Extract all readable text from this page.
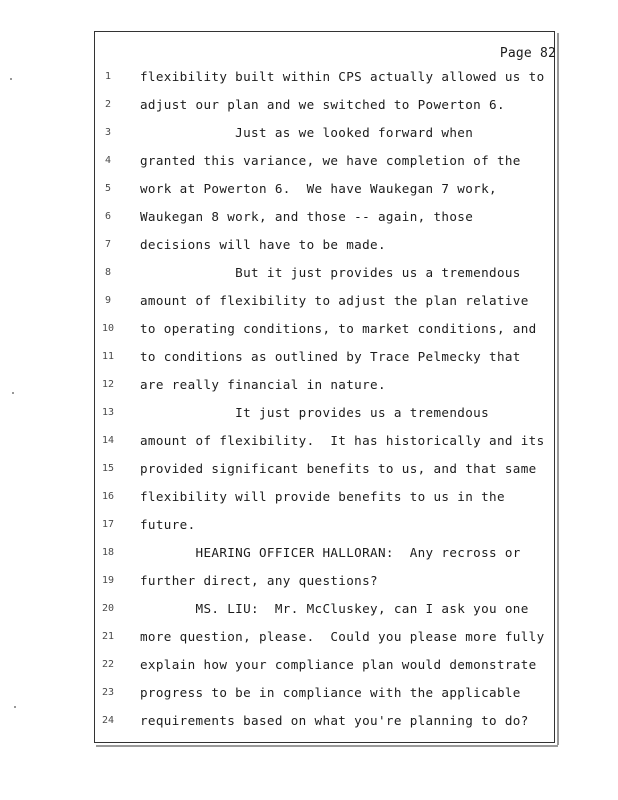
Page 82
1	flexibility built within CPS actually allowed us to
2	adjust our plan and we switched to Powerton 6.
3	Just as we looked forward when
4	granted this variance, we have completion of the
5	work at Powerton 6.  We have Waukegan 7 work,
6	Waukegan 8 work, and those -- again, those
7	decisions will have to be made.
8	But it just provides us a tremendous
9	amount of flexibility to adjust the plan relative
10 to operating conditions, to market conditions, and
11 to conditions as outlined by Trace Pelmecky that
12 are really financial in nature.
13 It just provides us a tremendous
14 amount of flexibility.  It has historically and its
15 provided significant benefits to us, and that same
16 flexibility will provide benefits to us in the
17 future.
18 HEARING OFFICER HALLORAN:  Any recross or
19 further direct, any questions?
20 MS. LIU:  Mr. McCluskey, can I ask you one
21 more question, please.  Could you please more fully
22 explain how your compliance plan would demonstrate
23 progress to be in compliance with the applicable
24 requirements based on what you're planning to do?
